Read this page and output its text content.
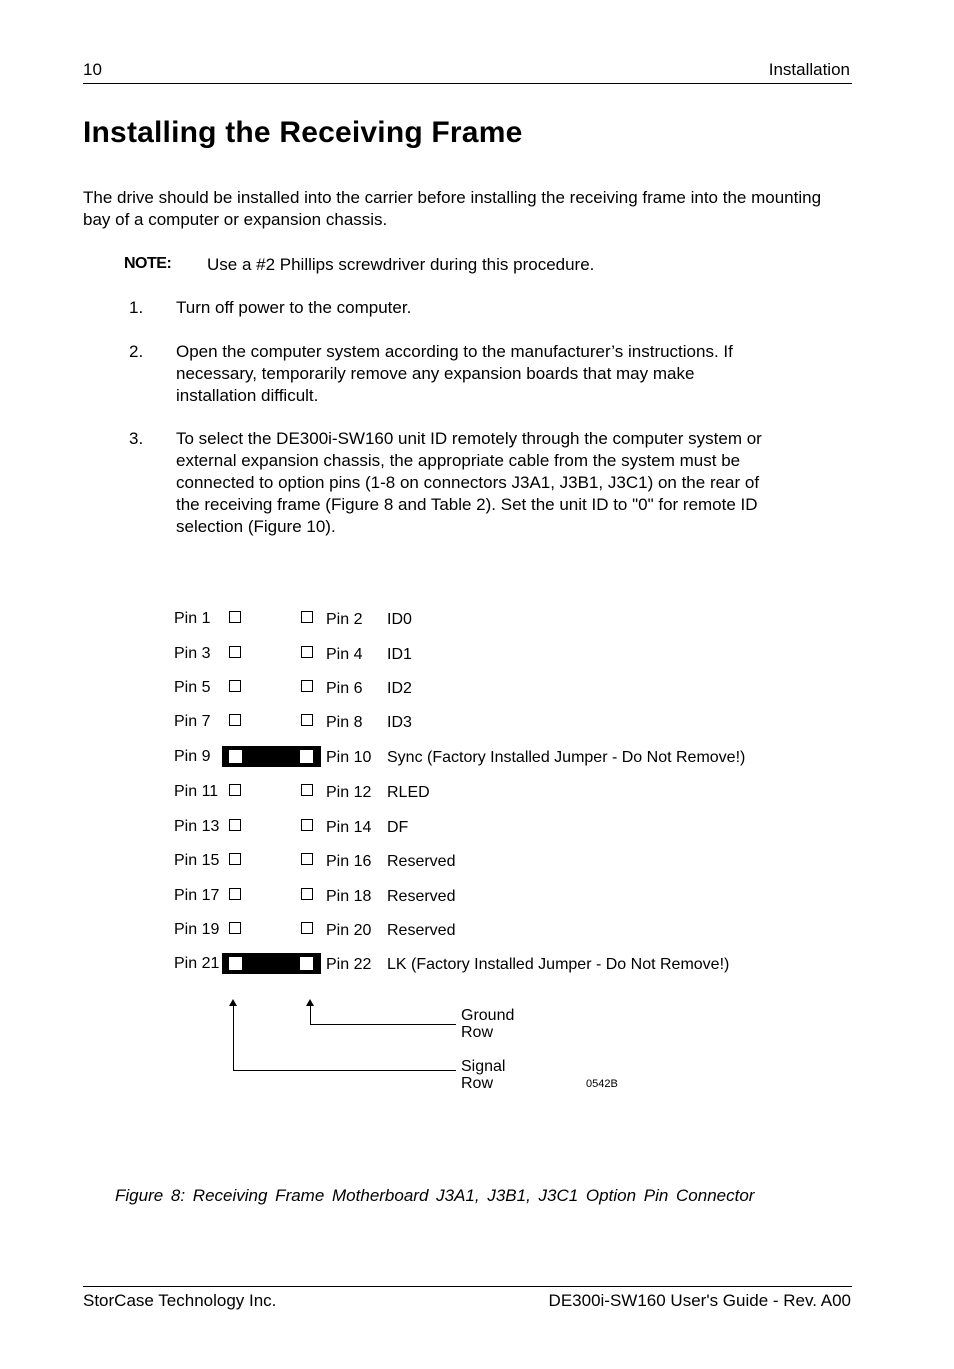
10	Installation
Installing the Receiving Frame
The drive should be installed into the carrier before installing the receiving frame into the mounting bay of a computer or expansion chassis.
NOTE: Use a #2 Phillips screwdriver during this procedure.
1. Turn off power to the computer.
2. Open the computer system according to the manufacturer’s instructions. If
necessary, temporarily remove any expansion boards that may make
installation difficult.
3. To select the DE300i-SW160 unit ID remotely through the computer system or
external expansion chassis, the appropriate cable from the system must be
connected to option pins (1-8 on connectors J3A1, J3B1, J3C1) on the rear of
the receiving frame (Figure 8 and Table 2). Set the unit ID to "0" for remote ID
selection (Figure 10).
Pin 1	Pin 2 ID0
Pin 3	Pin 4 ID1
Pin 5	Pin 6 ID2
Pin 7	Pin 8 ID3
Pin 9	Pin 10 Sync (Factory Installed Jumper - Do Not Remove!)
Pin 11	Pin 12 RLED
Pin 13	Pin 14 DF
Pin 15	Pin 16 Reserved
Pin 17	Pin 18 Reserved
Pin 19	Pin 20 Reserved
Pin 21	Pin 22 LK (Factory Installed Jumper - Do Not Remove!)
Ground
Row
Signal
Row	0542B
Figure 8: Receiving Frame Motherboard J3A1, J3B1, J3C1 Option Pin Connector
StorCase Technology Inc.	DE300i-SW160 User's Guide - Rev. A00
